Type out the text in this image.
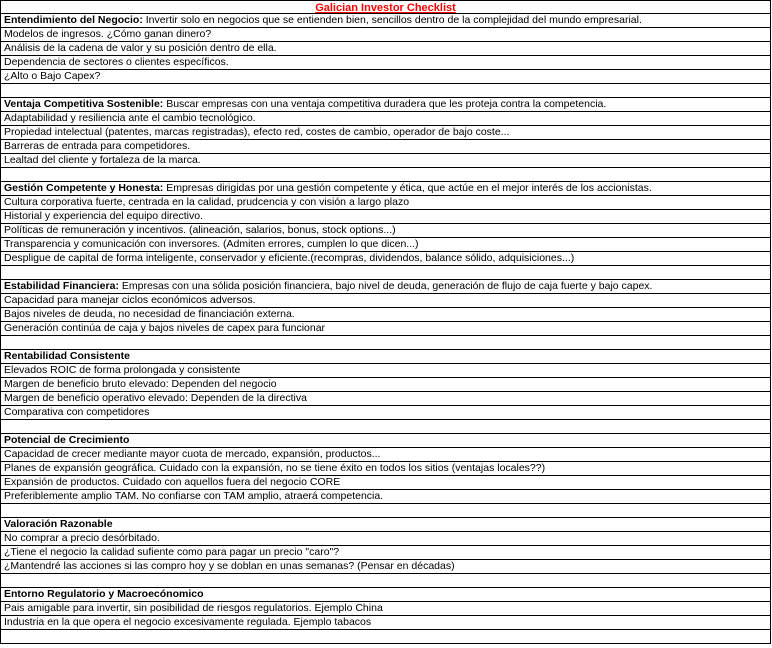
Galician Investor Checklist
Entendimiento del Negocio: Invertir solo en negocios que se entienden bien, sencillos dentro de la complejidad del mundo empresarial.
Modelos de ingresos. ¿Cómo ganan dinero?
Análisis de la cadena de valor y su posición dentro de ella.
Dependencia de sectores o clientes específicos.
¿Alto o Bajo Capex?
Ventaja Competitiva Sostenible: Buscar empresas con una ventaja competitiva duradera que les proteja contra la competencia.
Adaptabilidad y resiliencia ante el cambio tecnológico.
Propiedad intelectual (patentes, marcas registradas), efecto red, costes de cambio, operador de bajo coste...
Barreras de entrada para competidores.
Lealtad del cliente y fortaleza de la marca.
Gestión Competente y Honesta: Empresas dirigidas por una gestión competente y ética, que actúe en el mejor interés de los accionistas.
Cultura corporativa fuerte, centrada en la calidad, prudcencia y con visión a largo plazo
Historial y experiencia del equipo directivo.
Políticas de remuneración y incentivos. (alineación, salarios, bonus, stock options...)
Transparencia y comunicación con inversores. (Admiten errores, cumplen lo que dicen...)
Despligue de capital de forma inteligente, conservador y eficiente.(recompras, dividendos, balance sólido, adquisiciones...)
Estabilidad Financiera: Empresas con una sólida posición financiera, bajo nivel de deuda, generación de flujo de caja fuerte y bajo capex.
Capacidad para manejar ciclos económicos adversos.
Bajos niveles de deuda, no necesidad de financiación externa.
Generación continúa de caja y bajos niveles de capex para funcionar
Rentabilidad Consistente
Elevados ROIC de forma prolongada y consistente
Margen de beneficio bruto elevado: Dependen del negocio
Margen de beneficio operativo elevado: Dependen de la directiva
Comparativa con competidores
Potencial de Crecimiento
Capacidad de crecer mediante mayor cuota de mercado, expansión, productos...
Planes de expansión geográfica. Cuidado con la expansión, no se tiene éxito en todos los sitios (ventajas locales??)
Expansión de productos. Cuidado con aquellos fuera del negocio CORE
Preferiblemente amplio TAM. No confiarse con TAM amplio, atraerá competencia.
Valoración Razonable
No comprar a precio desórbitado.
¿Tiene el negocio la calidad sufiente como para pagar un precio "caro"?
¿Mantendré las acciones si las compro hoy y se doblan en unas semanas? (Pensar en décadas)
Entorno Regulatorio y Macroecónomico
Pais amigable para invertir, sin posibilidad de riesgos regulatorios. Ejemplo China
Industria en la que opera el negocio excesivamente regulada. Ejemplo tabacos
